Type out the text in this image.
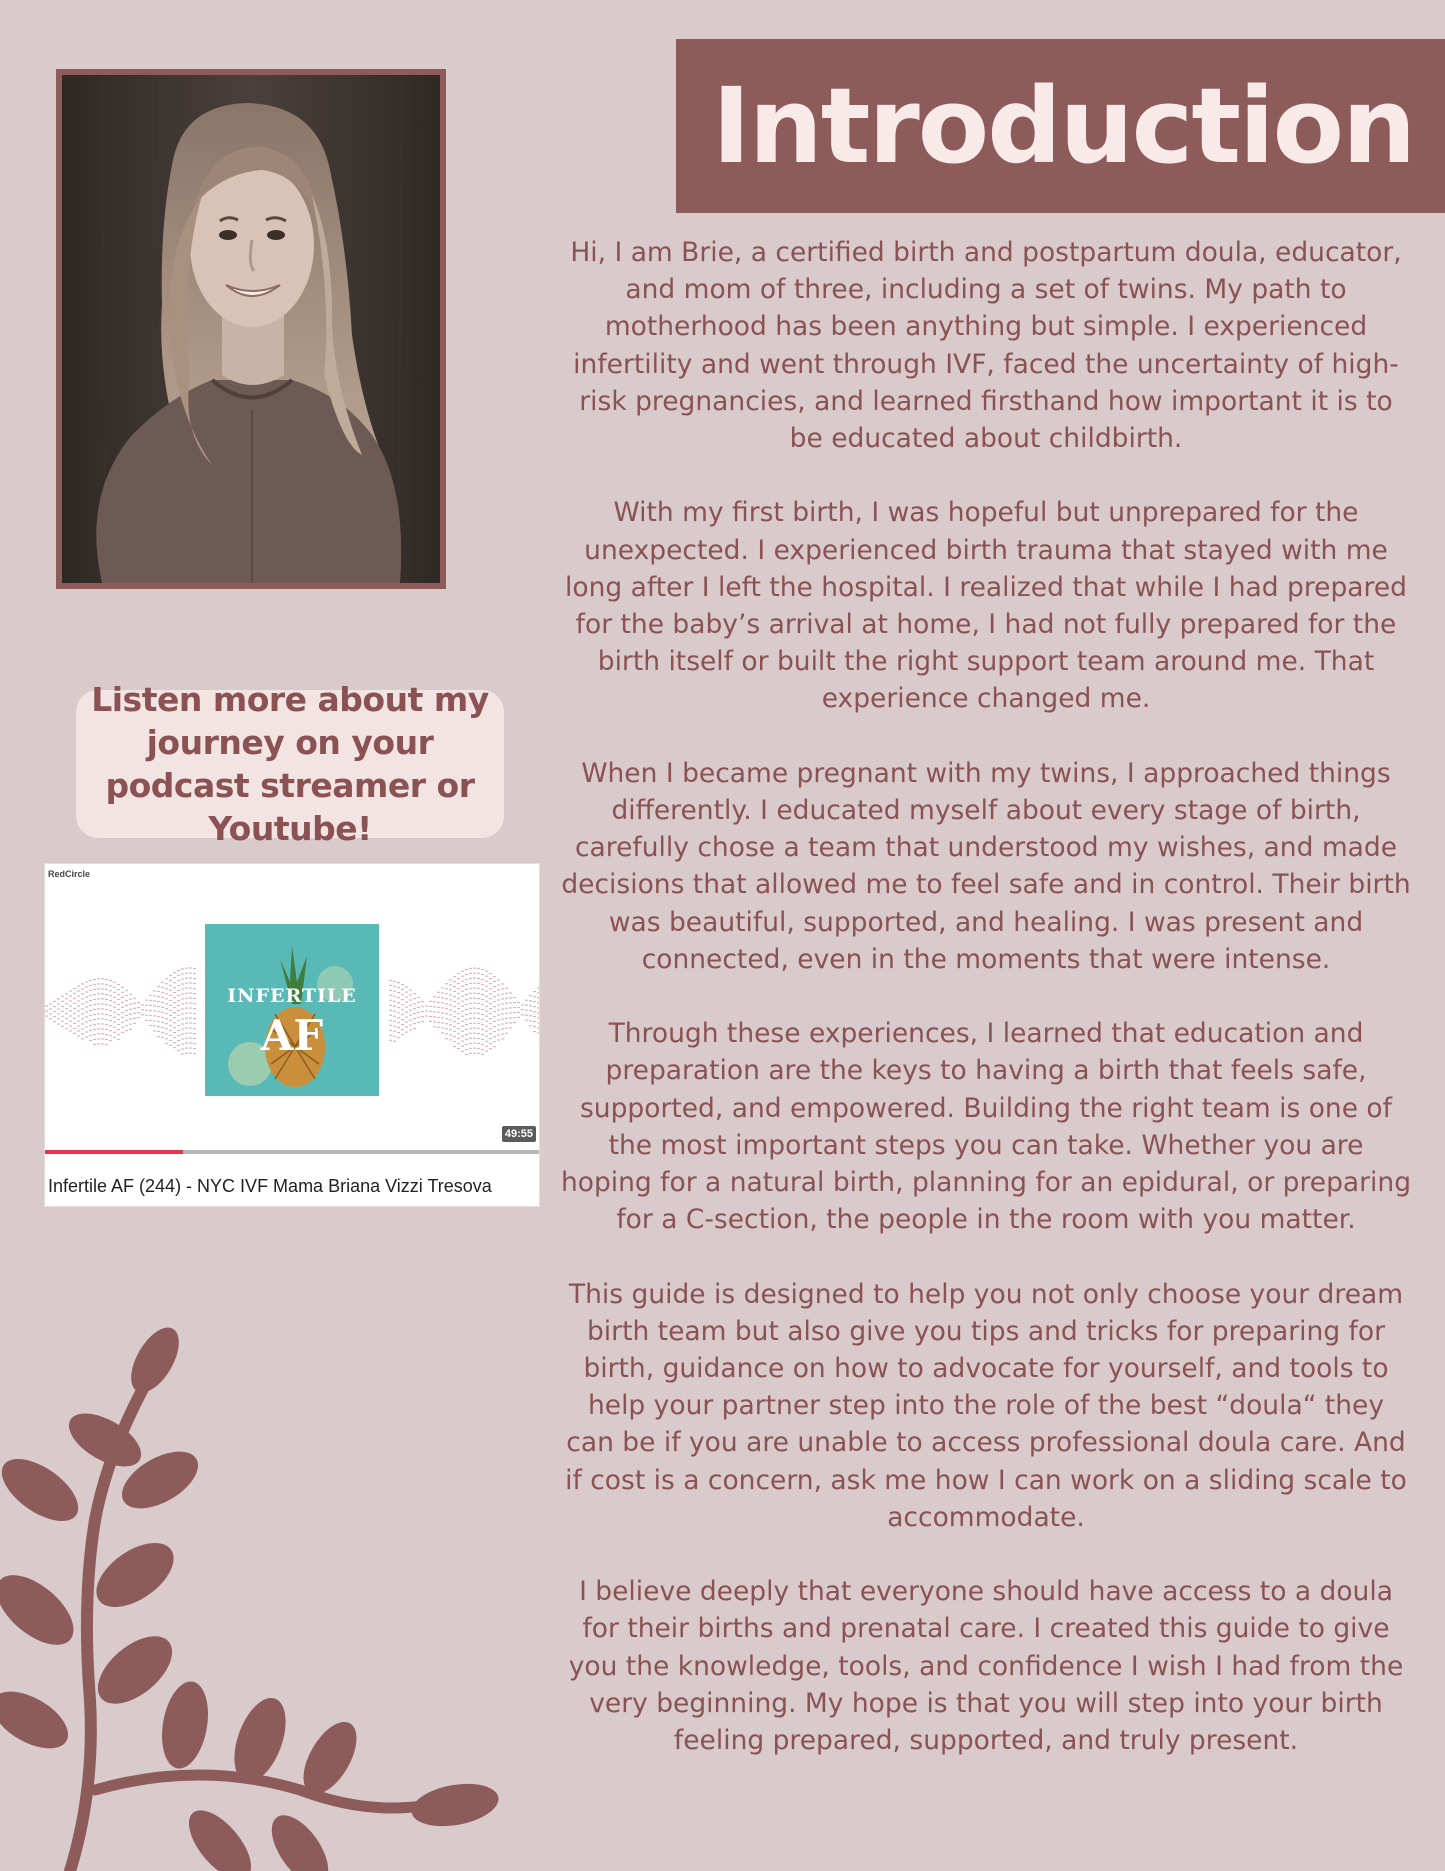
Introduction

Hi, I am Brie, a certified birth and postpartum doula, educator, and mom of three, including a set of twins. My path to motherhood has been anything but simple. I experienced infertility and went through IVF, faced the uncertainty of high-risk pregnancies, and learned firsthand how important it is to be educated about childbirth.

With my first birth, I was hopeful but unprepared for the unexpected. I experienced birth trauma that stayed with me long after I left the hospital. I realized that while I had prepared for the baby’s arrival at home, I had not fully prepared for the birth itself or built the right support team around me. That experience changed me.

When I became pregnant with my twins, I approached things differently. I educated myself about every stage of birth, carefully chose a team that understood my wishes, and made decisions that allowed me to feel safe and in control. Their birth was beautiful, supported, and healing. I was present and connected, even in the moments that were intense.

Through these experiences, I learned that education and preparation are the keys to having a birth that feels safe, supported, and empowered. Building the right team is one of the most important steps you can take. Whether you are hoping for a natural birth, planning for an epidural, or preparing for a C-section, the people in the room with you matter.

This guide is designed to help you not only choose your dream birth team but also give you tips and tricks for preparing for birth, guidance on how to advocate for yourself, and tools to help your partner step into the role of the best “doula“ they can be if you are unable to access professional doula care. And if cost is a concern, ask me how I can work on a sliding scale to accommodate.

I believe deeply that everyone should have access to a doula for their births and prenatal care. I created this guide to give you the knowledge, tools, and confidence I wish I had from the very beginning. My hope is that you will step into your birth feeling prepared, supported, and truly present.

Listen more about my journey on your podcast streamer or Youtube!
INFERTILE
AF
RedCircle
49:55
Infertile AF (244) - NYC IVF Mama Briana Vizzi Tresova
